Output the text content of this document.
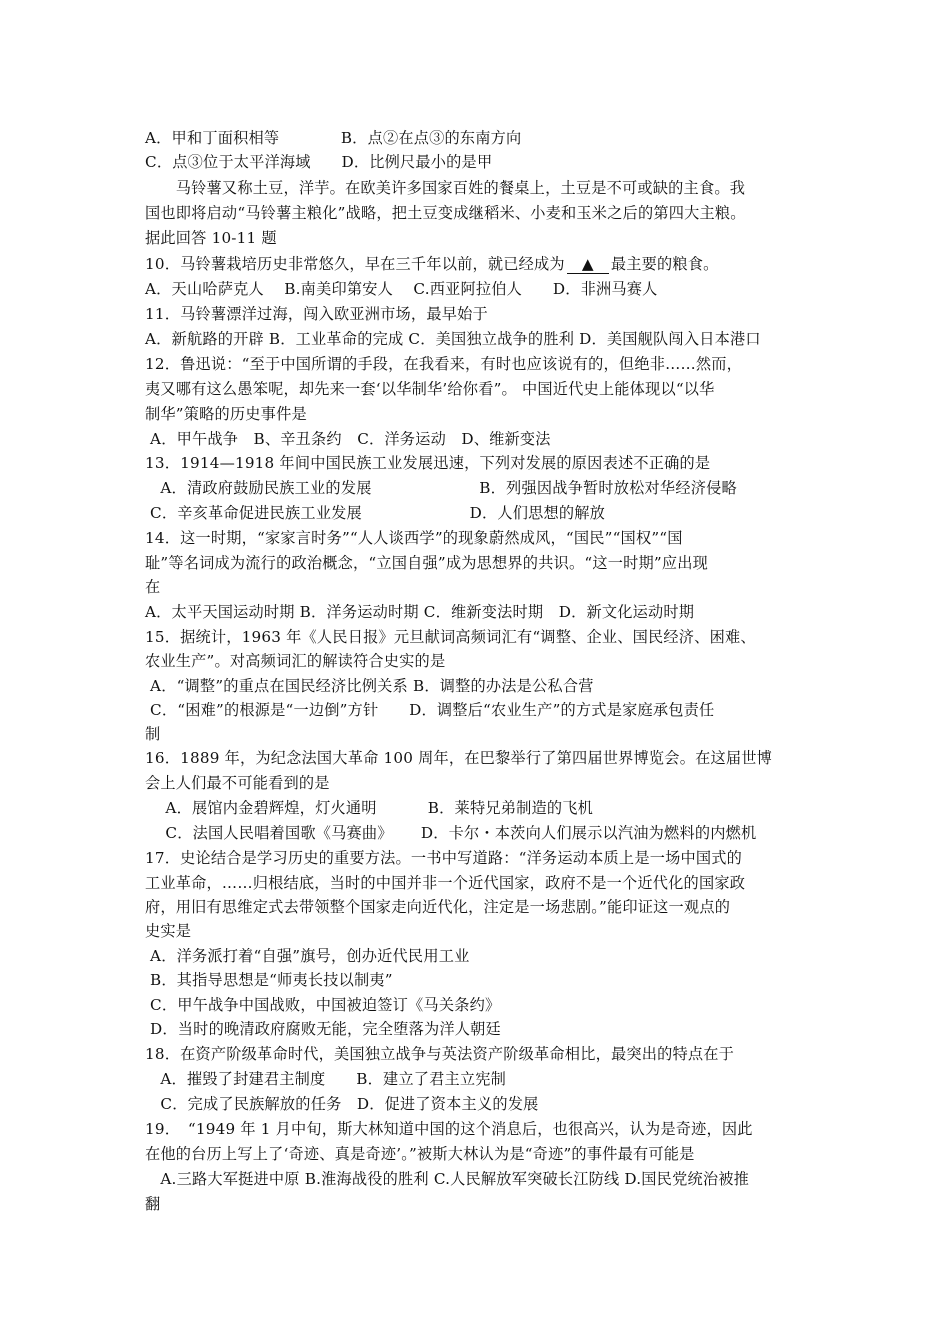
A．甲和丁面积相等　　　　B．点②在点③的东南方向
C．点③位于太平洋海域　　D．比例尺最小的是甲
　　马铃薯又称土豆，洋芋。在欧美许多国家百姓的餐桌上，土豆是不可或缺的主食。我
国也即将启动“马铃薯主粮化”战略，把土豆变成继稻米、小麦和玉米之后的第四大主粮。
据此回答 10-11 题
10．马铃薯栽培历史非常悠久，早在三千年以前，就已经成为 ▲ 最主要的粮食。
A．天山哈萨克人　 B.南美印第安人　 C.西亚阿拉伯人　　D．非洲马赛人
11．马铃薯漂洋过海，闯入欧亚洲市场，最早始于
A．新航路的开辟 B．工业革命的完成 C．美国独立战争的胜利 D．美国舰队闯入日本港口
12．鲁迅说：“至于中国所谓的手段，在我看来，有时也应该说有的，但绝非……然而，
夷又哪有这么愚笨呢，却先来一套‘以华制华’给你看”。 中国近代史上能体现以“以华
制华”策略的历史事件是
A．甲午战争　B、辛丑条约　C．洋务运动　D、维新变法
13．1914—1918 年间中国民族工业发展迅速，下列对发展的原因表述不正确的是
　A．清政府鼓励民族工业的发展　　　　　　　B．列强因战争暂时放松对华经济侵略
C．辛亥革命促进民族工业发展　　　　　　　D．人们思想的解放
14．这一时期，“家家言时务”“人人谈西学”的现象蔚然成风，“国民”“国权”“国
耻”等名词成为流行的政治概念，“立国自强”成为思想界的共识。“这一时期”应出现
在
A．太平天国运动时期 B．洋务运动时期 C．维新变法时期　D．新文化运动时期
15．据统计，1963 年《人民日报》元旦献词高频词汇有“调整、企业、国民经济、困难、
农业生产”。对高频词汇的解读符合史实的是
A．“调整”的重点在国民经济比例关系 B．调整的办法是公私合营
C．“困难”的根源是“一边倒”方针　　D．调整后“农业生产”的方式是家庭承包责任
制
16．1889 年，为纪念法国大革命 100 周年，在巴黎举行了第四届世界博览会。在这届世博
会上人们最不可能看到的是
　 A．展馆内金碧辉煌，灯火通明　　　 B．莱特兄弟制造的飞机
　 C．法国人民唱着国歌《马赛曲》　　 D．卡尔・本茨向人们展示以汽油为燃料的内燃机
17．史论结合是学习历史的重要方法。一书中写道路：“洋务运动本质上是一场中国式的
工业革命，……归根结底，当时的中国并非一个近代国家，政府不是一个近代化的国家政
府，用旧有思维定式去带领整个国家走向近代化，注定是一场悲剧。”能印证这一观点的
史实是
A．洋务派打着“自强”旗号，创办近代民用工业
B．其指导思想是“师夷长技以制夷”
C．甲午战争中国战败，中国被迫签订《马关条约》
D．当时的晚清政府腐败无能，完全堕落为洋人朝廷
18．在资产阶级革命时代，美国独立战争与英法资产阶级革命相比，最突出的特点在于
　A．摧毁了封建君主制度　　B．建立了君主立宪制
　C．完成了民族解放的任务　D．促进了资本主义的发展
19．　“1949 年 1 月中旬，斯大林知道中国的这个消息后，也很高兴，认为是奇迹，因此
在他的台历上写上了‘奇迹、真是奇迹’。”被斯大林认为是“奇迹”的事件最有可能是
　A.三路大军挺进中原 B.淮海战役的胜利 C.人民解放军突破长江防线 D.国民党统治被推
翻
